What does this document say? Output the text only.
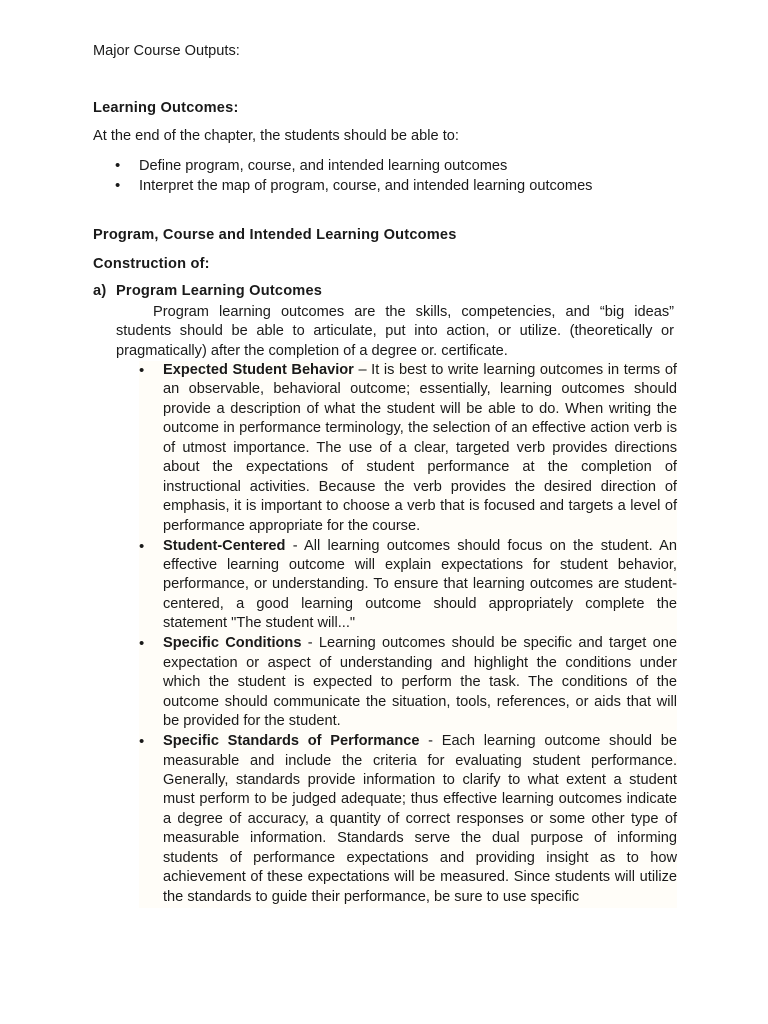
Major Course Outputs:
Learning Outcomes:
At the end of the chapter, the students should be able to:
• Define program, course, and intended learning outcomes
• Interpret the map of program, course, and intended learning outcomes
Program, Course and Intended Learning Outcomes
Construction of:
a) Program Learning Outcomes

Program learning outcomes are the skills, competencies, and “big ideas” students should be able to articulate, put into action, or utilize. (theoretically or pragmatically) after the completion of a degree or. certificate.

• Expected Student Behavior – It is best to write learning outcomes in terms of an observable, behavioral outcome; essentially, learning outcomes should provide a description of what the student will be able to do. When writing the outcome in performance terminology, the selection of an effective action verb is of utmost importance. The use of a clear, targeted verb provides directions about the expectations of student performance at the completion of instructional activities. Because the verb provides the desired direction of emphasis, it is important to choose a verb that is focused and targets a level of performance appropriate for the course.
• Student-Centered - All learning outcomes should focus on the student. An effective learning outcome will explain expectations for student behavior, performance, or understanding. To ensure that learning outcomes are student- centered, a good learning outcome should appropriately complete the statement "The student will..."
• Specific Conditions - Learning outcomes should be specific and target one expectation or aspect of understanding and highlight the conditions under which the student is expected to perform the task. The conditions of the outcome should communicate the situation, tools, references, or aids that will be provided for the student.
• Specific Standards of Performance - Each learning outcome should be measurable and include the criteria for evaluating student performance. Generally, standards provide information to clarify to what extent a student must perform to be judged adequate; thus effective learning outcomes indicate a degree of accuracy, a quantity of correct responses or some other type of measurable information. Standards serve the dual purpose of informing students of performance expectations and providing insight as to how achievement of these expectations will be measured. Since students will utilize the standards to guide their performance, be sure to use specific
